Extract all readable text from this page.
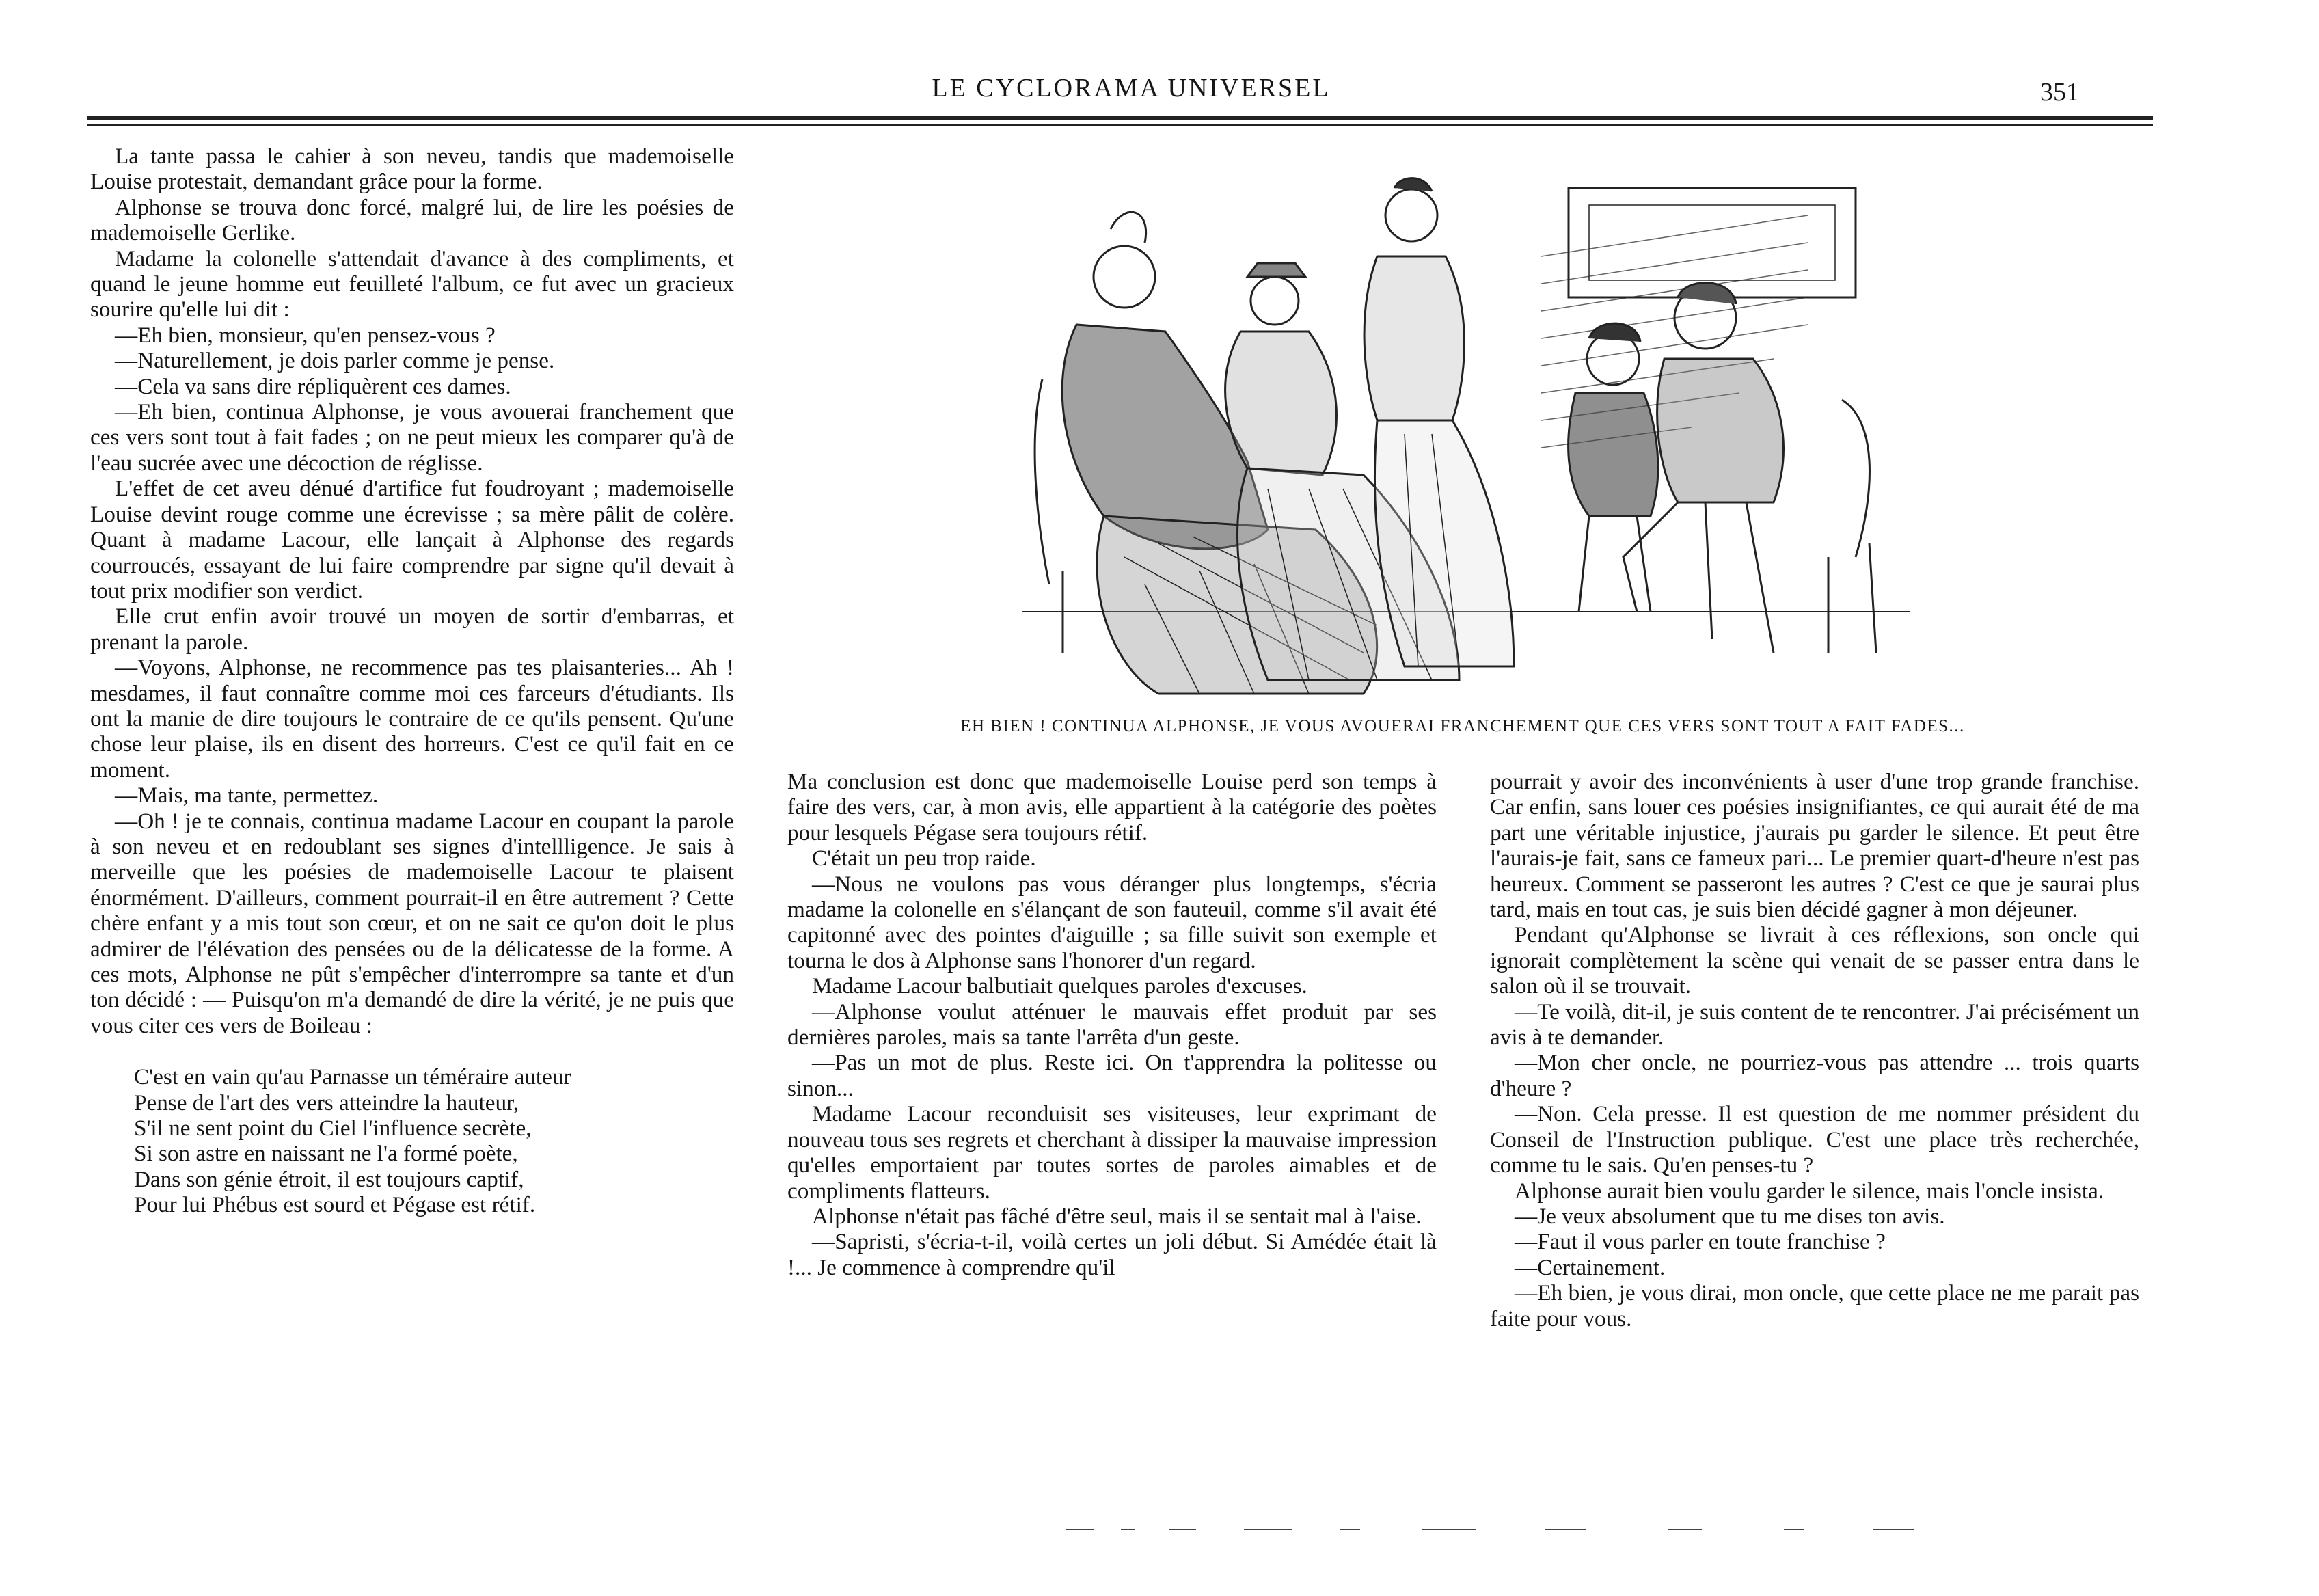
LE CYCLORAMA UNIVERSEL	351

La tante passa le cahier à son neveu, tandis que mademoiselle Louise protestait, demandant grâce pour la forme.

Alphonse se trouva donc forcé, malgré lui, de lire les poésies de mademoiselle Gerlike.

Madame la colonelle s'attendait d'avance à des compliments, et quand le jeune homme eut feuilleté l'album, ce fut avec un gracieux sourire qu'elle lui dit :

—Eh bien, monsieur, qu'en pensez-vous ?

—Naturellement, je dois parler comme je pense.

—Cela va sans dire répliquèrent ces dames.

—Eh bien, continua Alphonse, je vous avouerai franchement que ces vers sont tout à fait fades ; on ne peut mieux les comparer qu'à de l'eau sucrée avec une décoction de réglisse.

L'effet de cet aveu dénué d'artifice fut foudroyant ; mademoiselle Louise devint rouge comme une écrevisse ; sa mère pâlit de colère. Quant à madame Lacour, elle lançait à Alphonse des regards courroucés, essayant de lui faire comprendre par signe qu'il devait à tout prix modifier son verdict.

Elle crut enfin avoir trouvé un moyen de sortir d'embarras, et prenant la parole.

—Voyons, Alphonse, ne recommence pas tes plaisanteries... Ah ! mesdames, il faut connaître comme moi ces farceurs d'étudiants. Ils ont la manie de dire toujours le contraire de ce qu'ils pensent. Qu'une chose leur plaise, ils en disent des horreurs. C'est ce qu'il fait en ce moment.

—Mais, ma tante, permettez.

—Oh ! je te connais, continua madame Lacour en coupant la parole à son neveu et en redoublant ses signes d'intellligence. Je sais à merveille que les poésies de mademoiselle Lacour te plaisent énormément. D'ailleurs, comment pourrait-il en être autrement ? Cette chère enfant y a mis tout son cœur, et on ne sait ce qu'on doit le plus admirer de l'élévation des pensées ou de la délicatesse de la forme. A ces mots, Alphonse ne pût s'empêcher d'interrompre sa tante et d'un ton décidé : — Puisqu'on m'a demandé de dire la vérité, je ne puis que vous citer ces vers de Boileau :

C'est en vain qu'au Parnasse un téméraire auteur
Pense de l'art des vers atteindre la hauteur,
S'il ne sent point du Ciel l'influence secrète,
Si son astre en naissant ne l'a formé poète,
Dans son génie étroit, il est toujours captif,
Pour lui Phébus est sourd et Pégase est rétif.
EH BIEN ! CONTINUA ALPHONSE, JE VOUS AVOUERAI FRANCHEMENT QUE CES VERS SONT TOUT A FAIT FADES...

Ma conclusion est donc que mademoiselle Louise perd son temps à faire des vers, car, à mon avis, elle appartient à la catégorie des poètes pour lesquels Pégase sera toujours rétif.

C'était un peu trop raide.

—Nous ne voulons pas vous déranger plus longtemps, s'écria madame la colonelle en s'élançant de son fauteuil, comme s'il avait été capitonné avec des pointes d'aiguille ; sa fille suivit son exemple et tourna le dos à Alphonse sans l'honorer d'un regard.

Madame Lacour balbutiait quelques paroles d'excuses.

—Alphonse voulut atténuer le mauvais effet produit par ses dernières paroles, mais sa tante l'arrêta d'un geste.

—Pas un mot de plus. Reste ici. On t'apprendra la politesse ou sinon...

Madame Lacour reconduisit ses visiteuses, leur exprimant de nouveau tous ses regrets et cherchant à dissiper la mauvaise impression qu'elles emportaient par toutes sortes de paroles aimables et de compliments flatteurs.

Alphonse n'était pas fâché d'être seul, mais il se sentait mal à l'aise.

—Sapristi, s'écria-t-il, voilà certes un joli début. Si Amédée était là !... Je commence à comprendre qu'il

pourrait y avoir des inconvénients à user d'une trop grande franchise. Car enfin, sans louer ces poésies insignifiantes, ce qui aurait été de ma part une véritable injustice, j'aurais pu garder le silence. Et peut être l'aurais-je fait, sans ce fameux pari... Le premier quart-d'heure n'est pas heureux. Comment se passeront les autres ? C'est ce que je saurai plus tard, mais en tout cas, je suis bien décidé gagner à mon déjeuner.

Pendant qu'Alphonse se livrait à ces réflexions, son oncle qui ignorait complètement la scène qui venait de se passer entra dans le salon où il se trouvait.

—Te voilà, dit-il, je suis content de te rencontrer. J'ai précisément un avis à te demander.

—Mon cher oncle, ne pourriez-vous pas attendre ... trois quarts d'heure ?

—Non. Cela presse. Il est question de me nommer président du Conseil de l'Instruction publique. C'est une place très recherchée, comme tu le sais. Qu'en penses-tu ?

Alphonse aurait bien voulu garder le silence, mais l'oncle insista.

—Je veux absolument que tu me dises ton avis.

—Faut il vous parler en toute franchise ?

—Certainement.

—Eh bien, je vous dirai, mon oncle, que cette place ne me parait pas faite pour vous.
